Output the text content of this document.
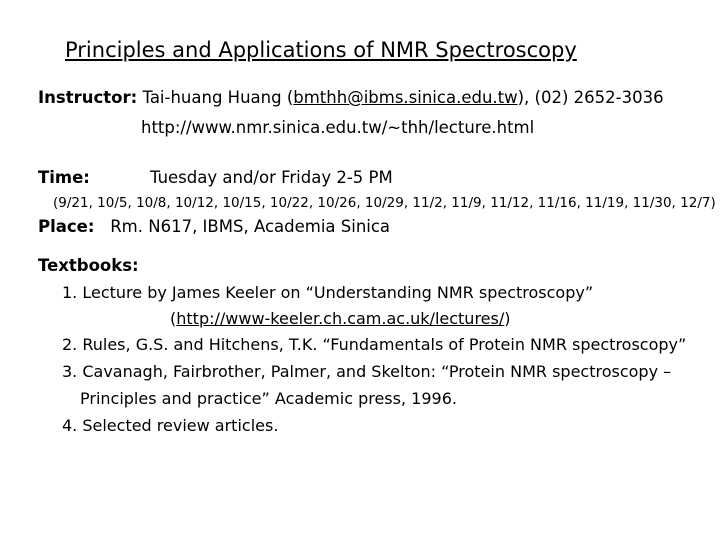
Principles and Applications of NMR Spectroscopy
Instructor: Tai-huang Huang (bmthh@ibms.sinica.edu.tw), (02) 2652-3036
http://www.nmr.sinica.edu.tw/~thh/lecture.html
Time:	Tuesday and/or Friday 2-5 PM
(9/21, 10/5, 10/8, 10/12, 10/15, 10/22, 10/26, 10/29, 11/2, 11/9, 11/12, 11/16, 11/19, 11/30, 12/7)
Place: Rm. N617, IBMS, Academia Sinica
Textbooks:
1. Lecture by James Keeler on “Understanding NMR spectroscopy”
(http://www-keeler.ch.cam.ac.uk/lectures/)
2. Rules, G.S. and Hitchens, T.K. “Fundamentals of Protein NMR spectroscopy”
3. Cavanagh, Fairbrother, Palmer, and Skelton: “Protein NMR spectroscopy –
Principles and practice” Academic press, 1996.
4. Selected review articles.
